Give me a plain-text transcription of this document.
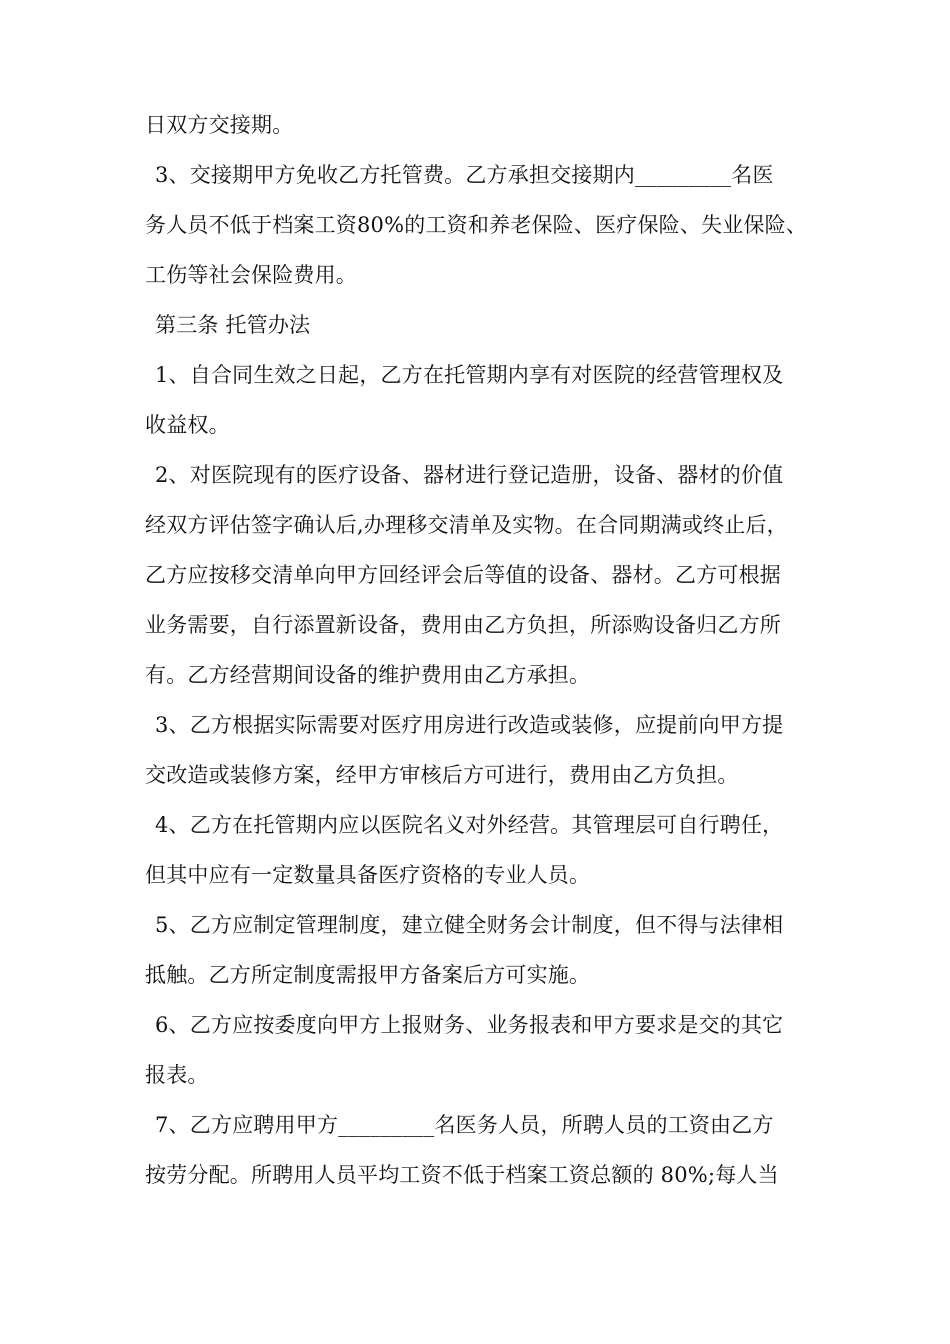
日双方交接期。
3、交接期甲方免收乙方托管费。乙方承担交接期内_________名医
务人员不低于档案工资80%的工资和养老保险、医疗保险、失业保险、
工伤等社会保险费用。
第三条 托管办法
1、自合同生效之日起，乙方在托管期内享有对医院的经营管理权及
收益权。
2、对医院现有的医疗设备、器材进行登记造册，设备、器材的价值
经双方评估签字确认后,办理移交清单及实物。在合同期满或终止后，
乙方应按移交清单向甲方回经评会后等值的设备、器材。乙方可根据
业务需要，自行添置新设备，费用由乙方负担，所添购设备归乙方所
有。乙方经营期间设备的维护费用由乙方承担。
3、乙方根据实际需要对医疗用房进行改造或装修，应提前向甲方提
交改造或装修方案，经甲方审核后方可进行，费用由乙方负担。
4、乙方在托管期内应以医院名义对外经营。其管理层可自行聘任，
但其中应有一定数量具备医疗资格的专业人员。
5、乙方应制定管理制度，建立健全财务会计制度，但不得与法律相
抵触。乙方所定制度需报甲方备案后方可实施。
6、乙方应按委度向甲方上报财务、业务报表和甲方要求是交的其它
报表。
7、乙方应聘用甲方_________名医务人员，所聘人员的工资由乙方
按劳分配。所聘用人员平均工资不低于档案工资总额的 80%;每人当
